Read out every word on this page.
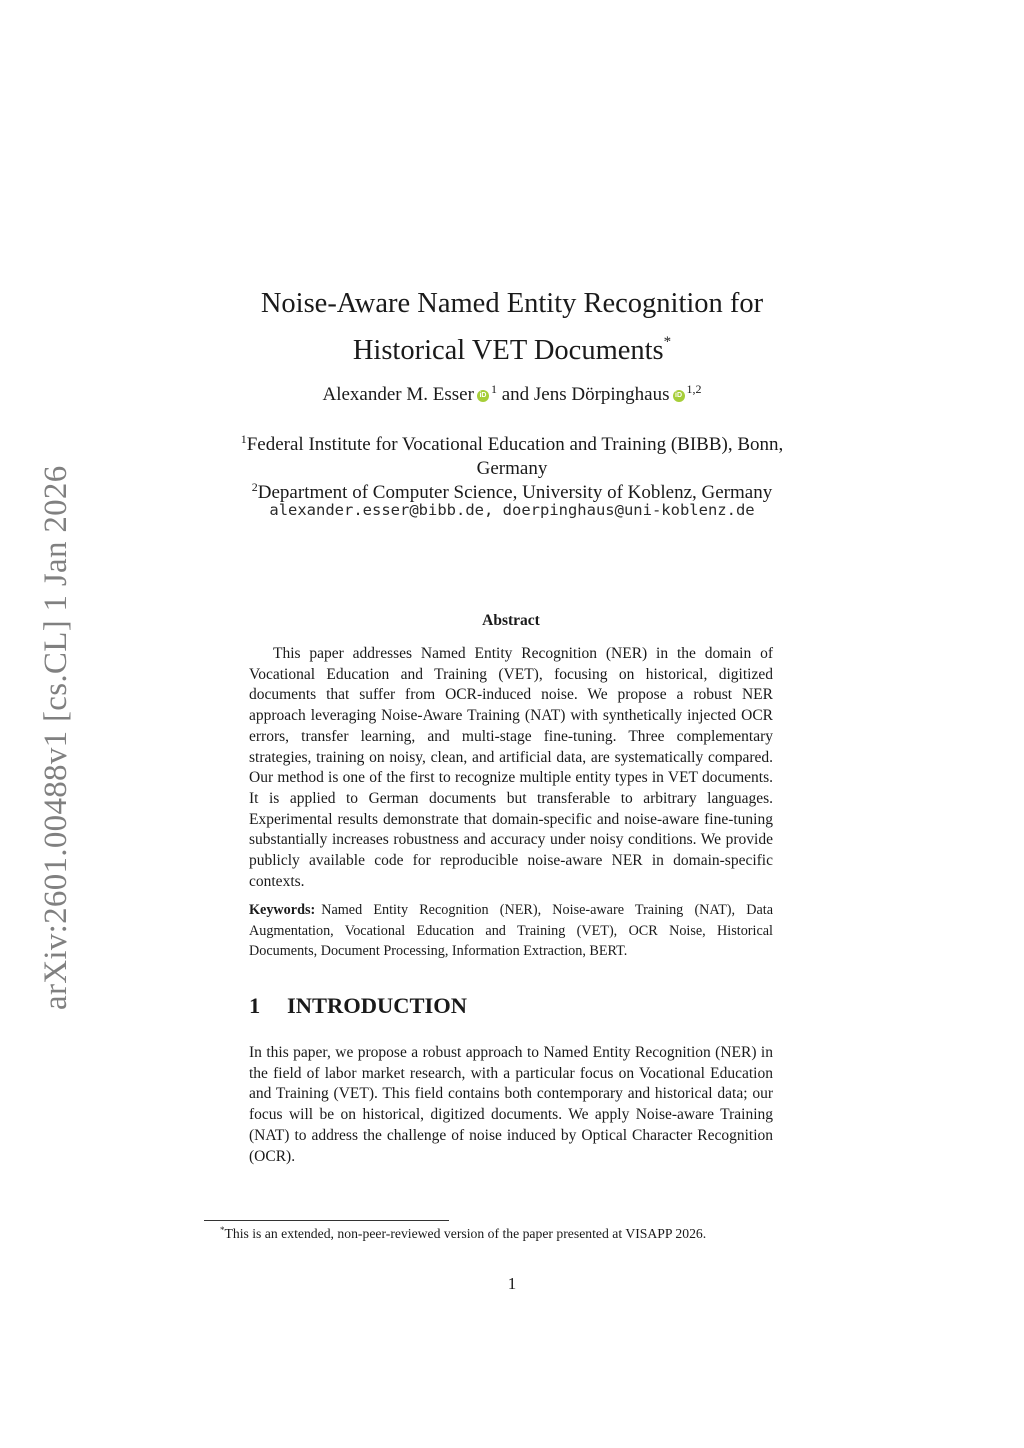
arXiv:2601.00488v1 [cs.CL] 1 Jan 2026
Noise-Aware Named Entity Recognition for
Historical VET Documents*
Alexander M. Esser iD $^1$ and Jens Dörpinghaus iD $^{1,2}$
$^1$Federal Institute for Vocational Education and Training (BIBB), Bonn,
Germany
$^2$Department of Computer Science, University of Koblenz, Germany
alexander.esser@bibb.de, doerpinghaus@uni-koblenz.de
Abstract
This paper addresses Named Entity Recognition (NER) in the domain of Vocational Education and Training (VET), focusing on historical, digitized documents that suffer from OCR-induced noise. We propose a robust NER approach leveraging Noise-Aware Training (NAT) with synthetically injected OCR errors, transfer learning, and multi-stage fine-tuning. Three complementary strategies, training on noisy, clean, and artificial data, are systematically compared. Our method is one of the first to recognize multiple entity types in VET documents. It is applied to German documents but transferable to arbitrary languages. Experimental results demonstrate that domain-specific and noise-aware fine-tuning substantially increases robustness and accuracy under noisy conditions. We provide publicly available code for reproducible noise-aware NER in domain-specific contexts.
Keywords: Named Entity Recognition (NER), Noise-aware Training (NAT), Data Augmentation, Vocational Education and Training (VET), OCR Noise, Historical Documents, Document Processing, Information Extraction, BERT.
1 INTRODUCTION
In this paper, we propose a robust approach to Named Entity Recognition (NER) in the field of labor market research, with a particular focus on Vocational Education and Training (VET). This field contains both contemporary and historical data; our focus will be on historical, digitized documents. We apply Noise-aware Training (NAT) to address the challenge of noise induced by Optical Character Recognition (OCR).
*This is an extended, non-peer-reviewed version of the paper presented at VISAPP 2026.
1
